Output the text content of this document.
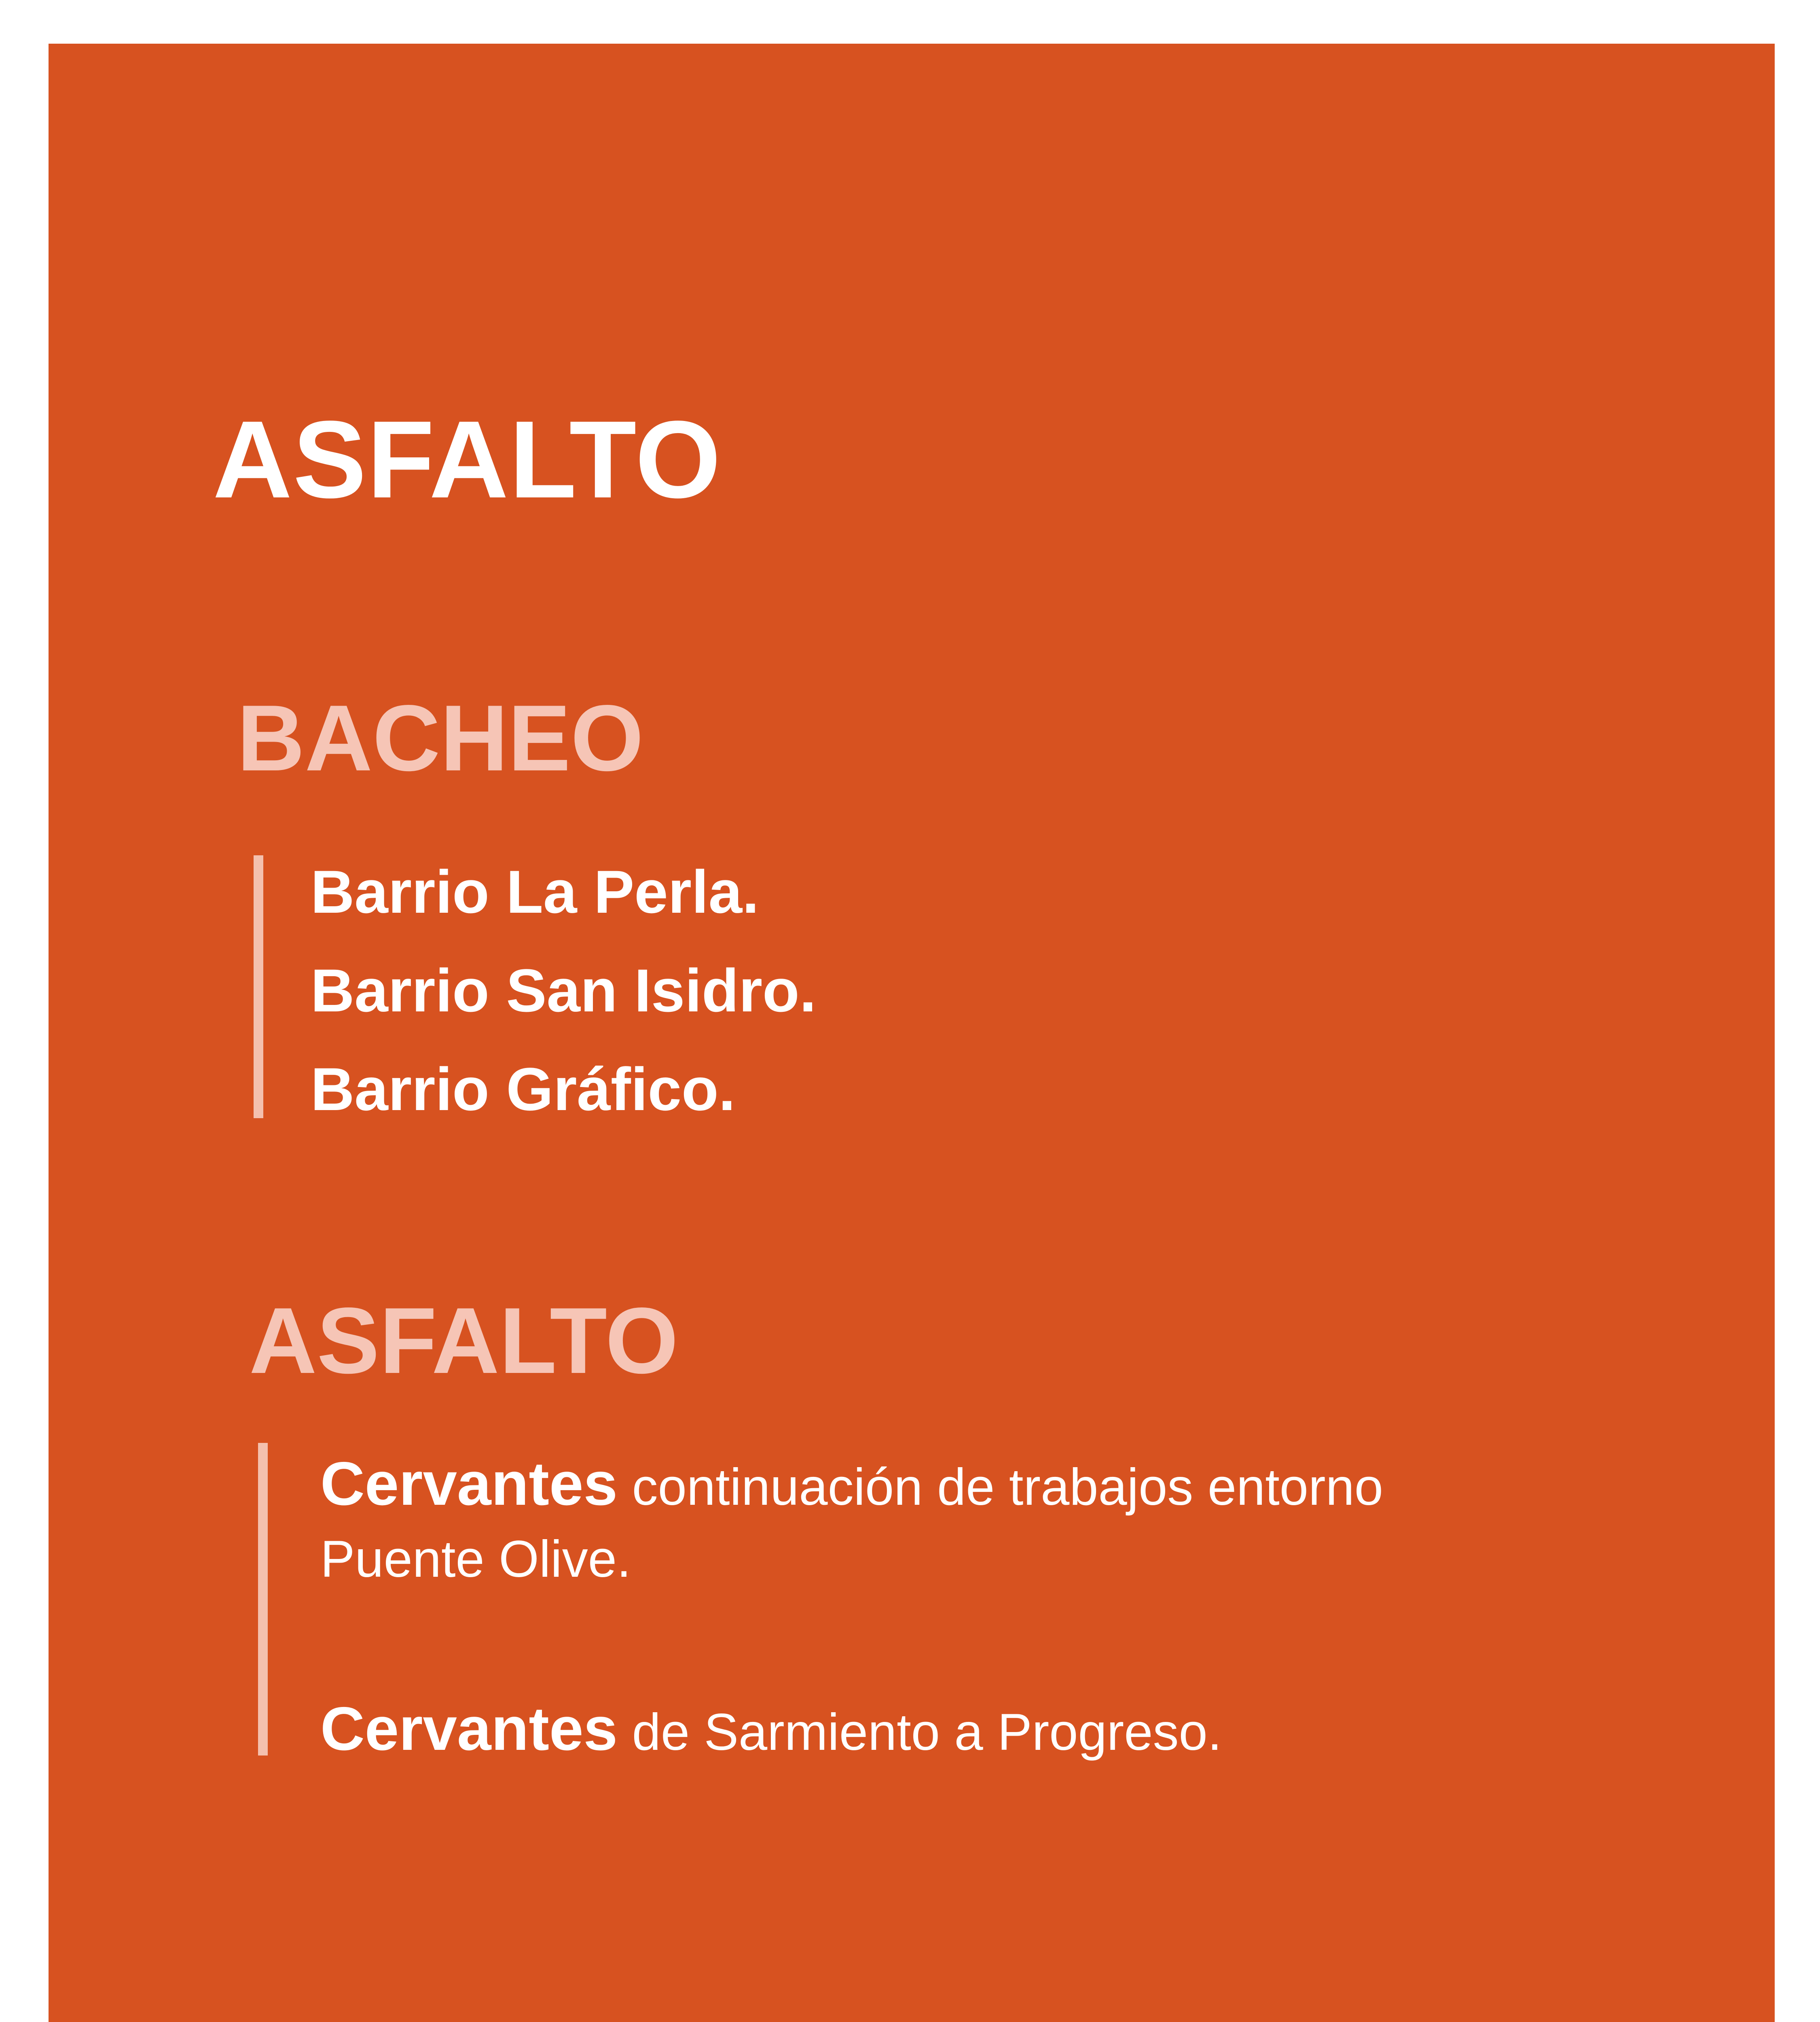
ASFALTO
BACHEO
Barrio La Perla.
Barrio San Isidro.
Barrio Gráfico.
ASFALTO

Cervantes continuación de trabajos entorno Puente Olive.

Cervantes de Sarmiento a Progreso.
